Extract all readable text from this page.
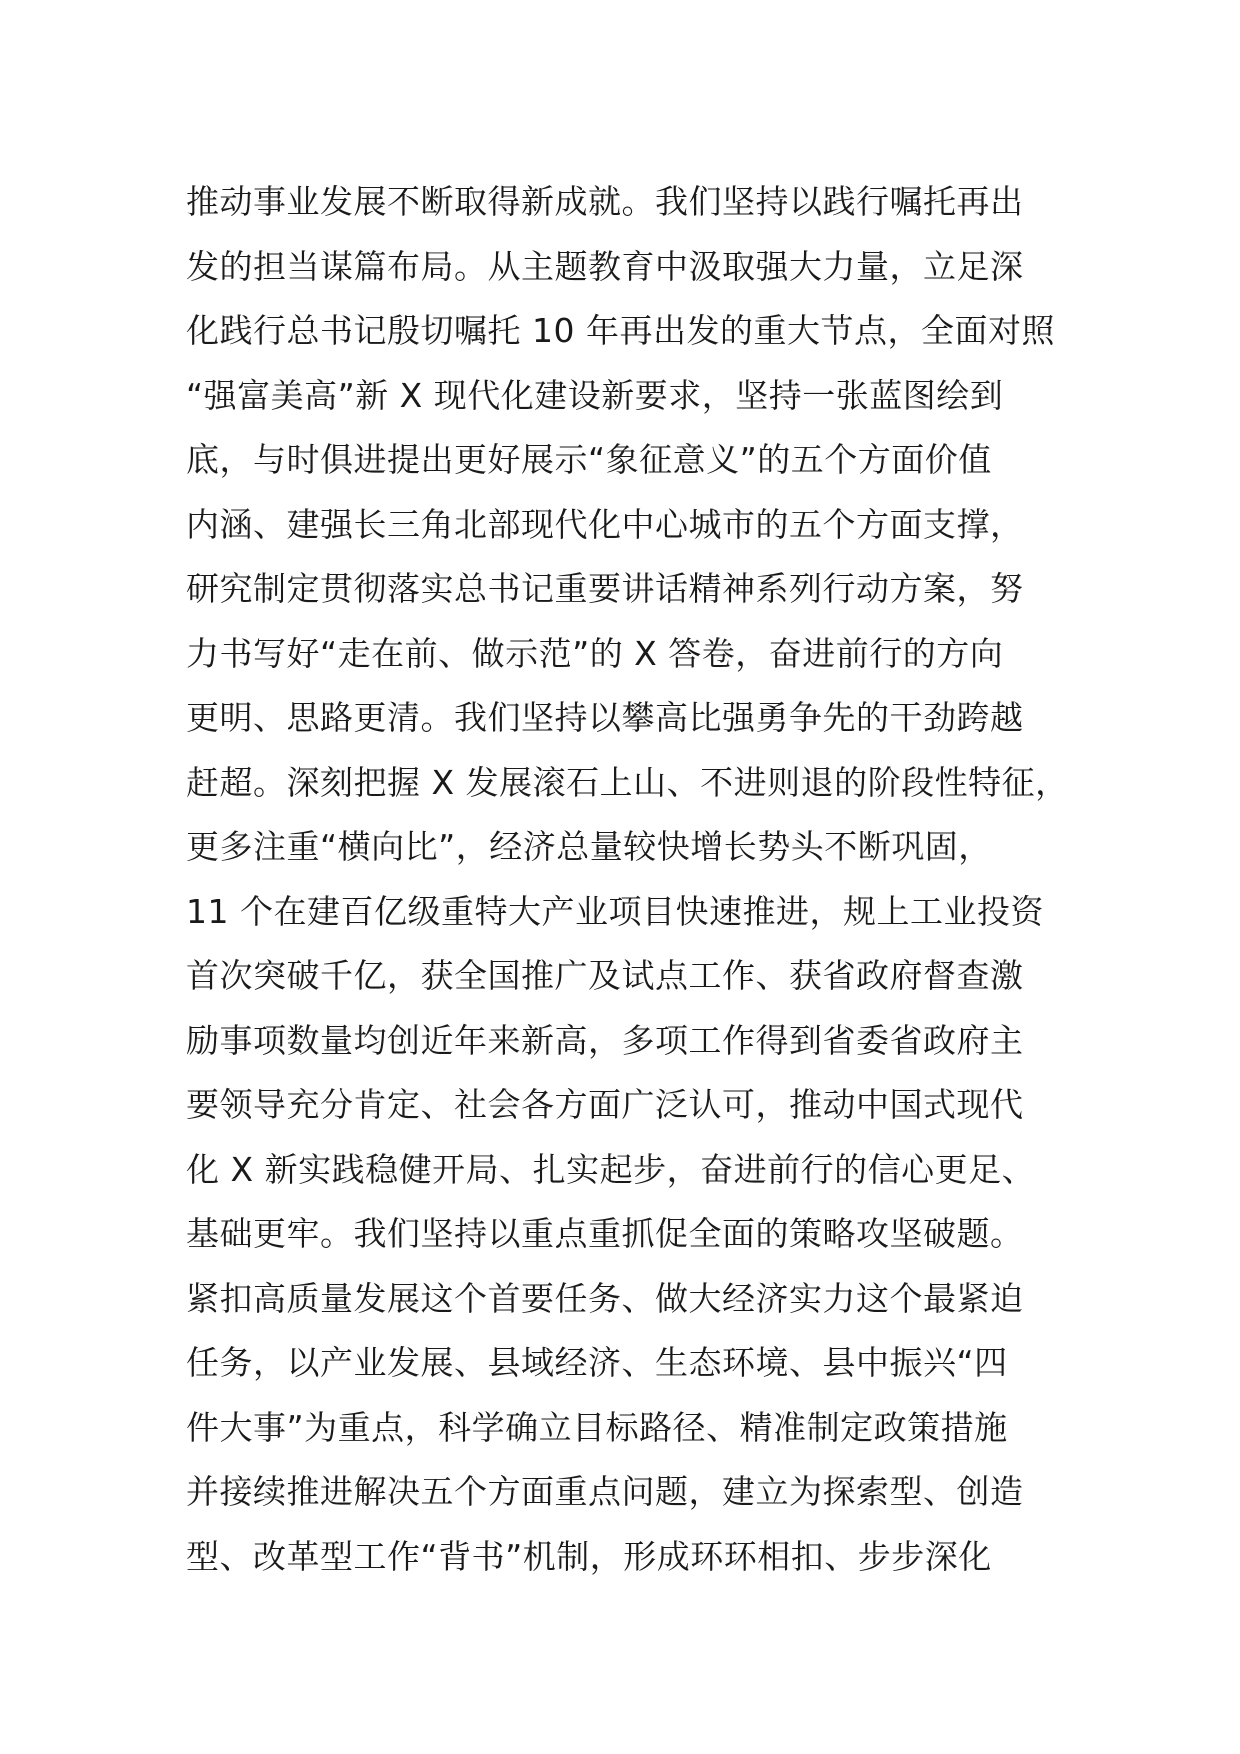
推动事业发展不断取得新成就。我们坚持以践行嘱托再出
发的担当谋篇布局。从主题教育中汲取强大力量，立足深
化践行总书记殷切嘱托 10 年再出发的重大节点，全面对照
“强富美高”新 X 现代化建设新要求，坚持一张蓝图绘到
底，与时俱进提出更好展示“象征意义”的五个方面价值
内涵、建强长三角北部现代化中心城市的五个方面支撑，
研究制定贯彻落实总书记重要讲话精神系列行动方案，努
力书写好“走在前、做示范”的 X 答卷，奋进前行的方向
更明、思路更清。我们坚持以攀高比强勇争先的干劲跨越
赶超。深刻把握 X 发展滚石上山、不进则退的阶段性特征，
更多注重“横向比”，经济总量较快增长势头不断巩固，
11 个在建百亿级重特大产业项目快速推进，规上工业投资
首次突破千亿，获全国推广及试点工作、获省政府督查激
励事项数量均创近年来新高，多项工作得到省委省政府主
要领导充分肯定、社会各方面广泛认可，推动中国式现代
化 X 新实践稳健开局、扎实起步，奋进前行的信心更足、
基础更牢。我们坚持以重点重抓促全面的策略攻坚破题。
紧扣高质量发展这个首要任务、做大经济实力这个最紧迫
任务，以产业发展、县域经济、生态环境、县中振兴“四
件大事”为重点，科学确立目标路径、精准制定政策措施
并接续推进解决五个方面重点问题，建立为探索型、创造
型、改革型工作“背书”机制，形成环环相扣、步步深化
